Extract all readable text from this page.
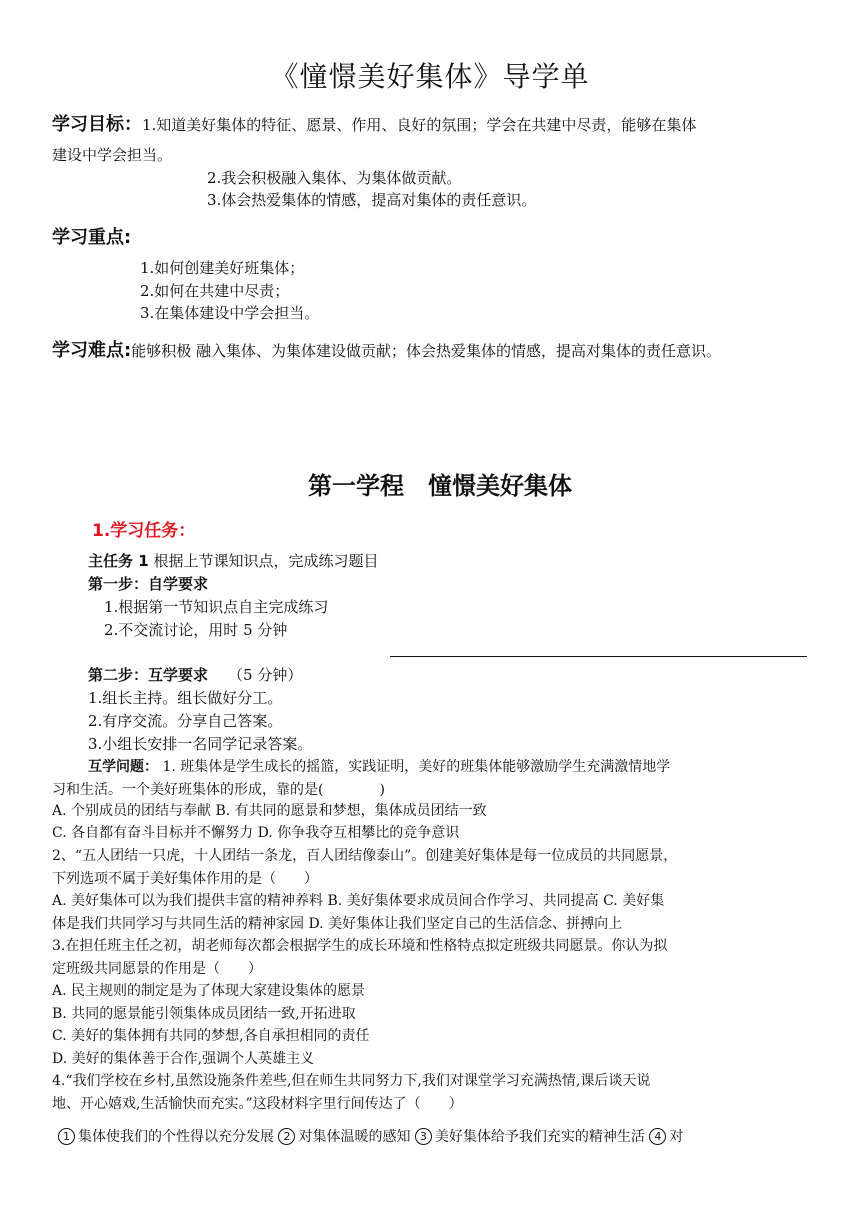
《憧憬美好集体》导学单
学习目标：1.知道美好集体的特征、愿景、作用、良好的氛围；学会在共建中尽责，能够在集体
建设中学会担当。
2.我会积极融入集体、为集体做贡献。
3.体会热爱集体的情感，提高对集体的责任意识。
学习重点:
1.如何创建美好班集体；
2.如何在共建中尽责；
3.在集体建设中学会担当。
学习难点:能够积极 融入集体、为集体建设做贡献；体会热爱集体的情感，提高对集体的责任意识。
第一学程　憧憬美好集体
1.学习任务：
主任务 1 根据上节课知识点，完成练习题目
第一步：自学要求
1.根据第一节知识点自主完成练习
2.不交流讨论，用时 5 分钟
第二步：互学要求 （5 分钟）
1.组长主持。组长做好分工。
2.有序交流。分享自己答案。
3.小组长安排一名同学记录答案。
互学问题： 1. 班集体是学生成长的摇篮，实践证明，美好的班集体能够激励学生充满激情地学
习和生活。一个美好班集体的形成，靠的是(　　　　)
A. 个别成员的团结与奉献 B. 有共同的愿景和梦想，集体成员团结一致
C. 各自都有奋斗目标并不懈努力 D. 你争我夺互相攀比的竞争意识
2、“五人团结一只虎，十人团结一条龙，百人团结像泰山”。创建美好集体是每一位成员的共同愿景，
下列选项不属于美好集体作用的是（　　）
A. 美好集体可以为我们提供丰富的精神养料 B. 美好集体要求成员间合作学习、共同提高 C. 美好集
体是我们共同学习与共同生活的精神家园 D. 美好集体让我们坚定自己的生活信念、拼搏向上
3.在担任班主任之初，胡老师每次都会根据学生的成长环境和性格特点拟定班级共同愿景。你认为拟
定班级共同愿景的作用是（　　）
A. 民主规则的制定是为了体现大家建设集体的愿景
B. 共同的愿景能引领集体成员团结一致,开拓进取
C. 美好的集体拥有共同的梦想,各自承担相同的责任
D. 美好的集体善于合作,强调个人英雄主义
4.“我们学校在乡村,虽然设施条件差些,但在师生共同努力下,我们对课堂学习充满热情,课后谈天说
地、开心嬉戏,生活愉快而充实。”这段材料字里行间传达了（　　）
1 集体使我们的个性得以充分发展 2 对集体温暖的感知 3 美好集体给予我们充实的精神生活 4 对
